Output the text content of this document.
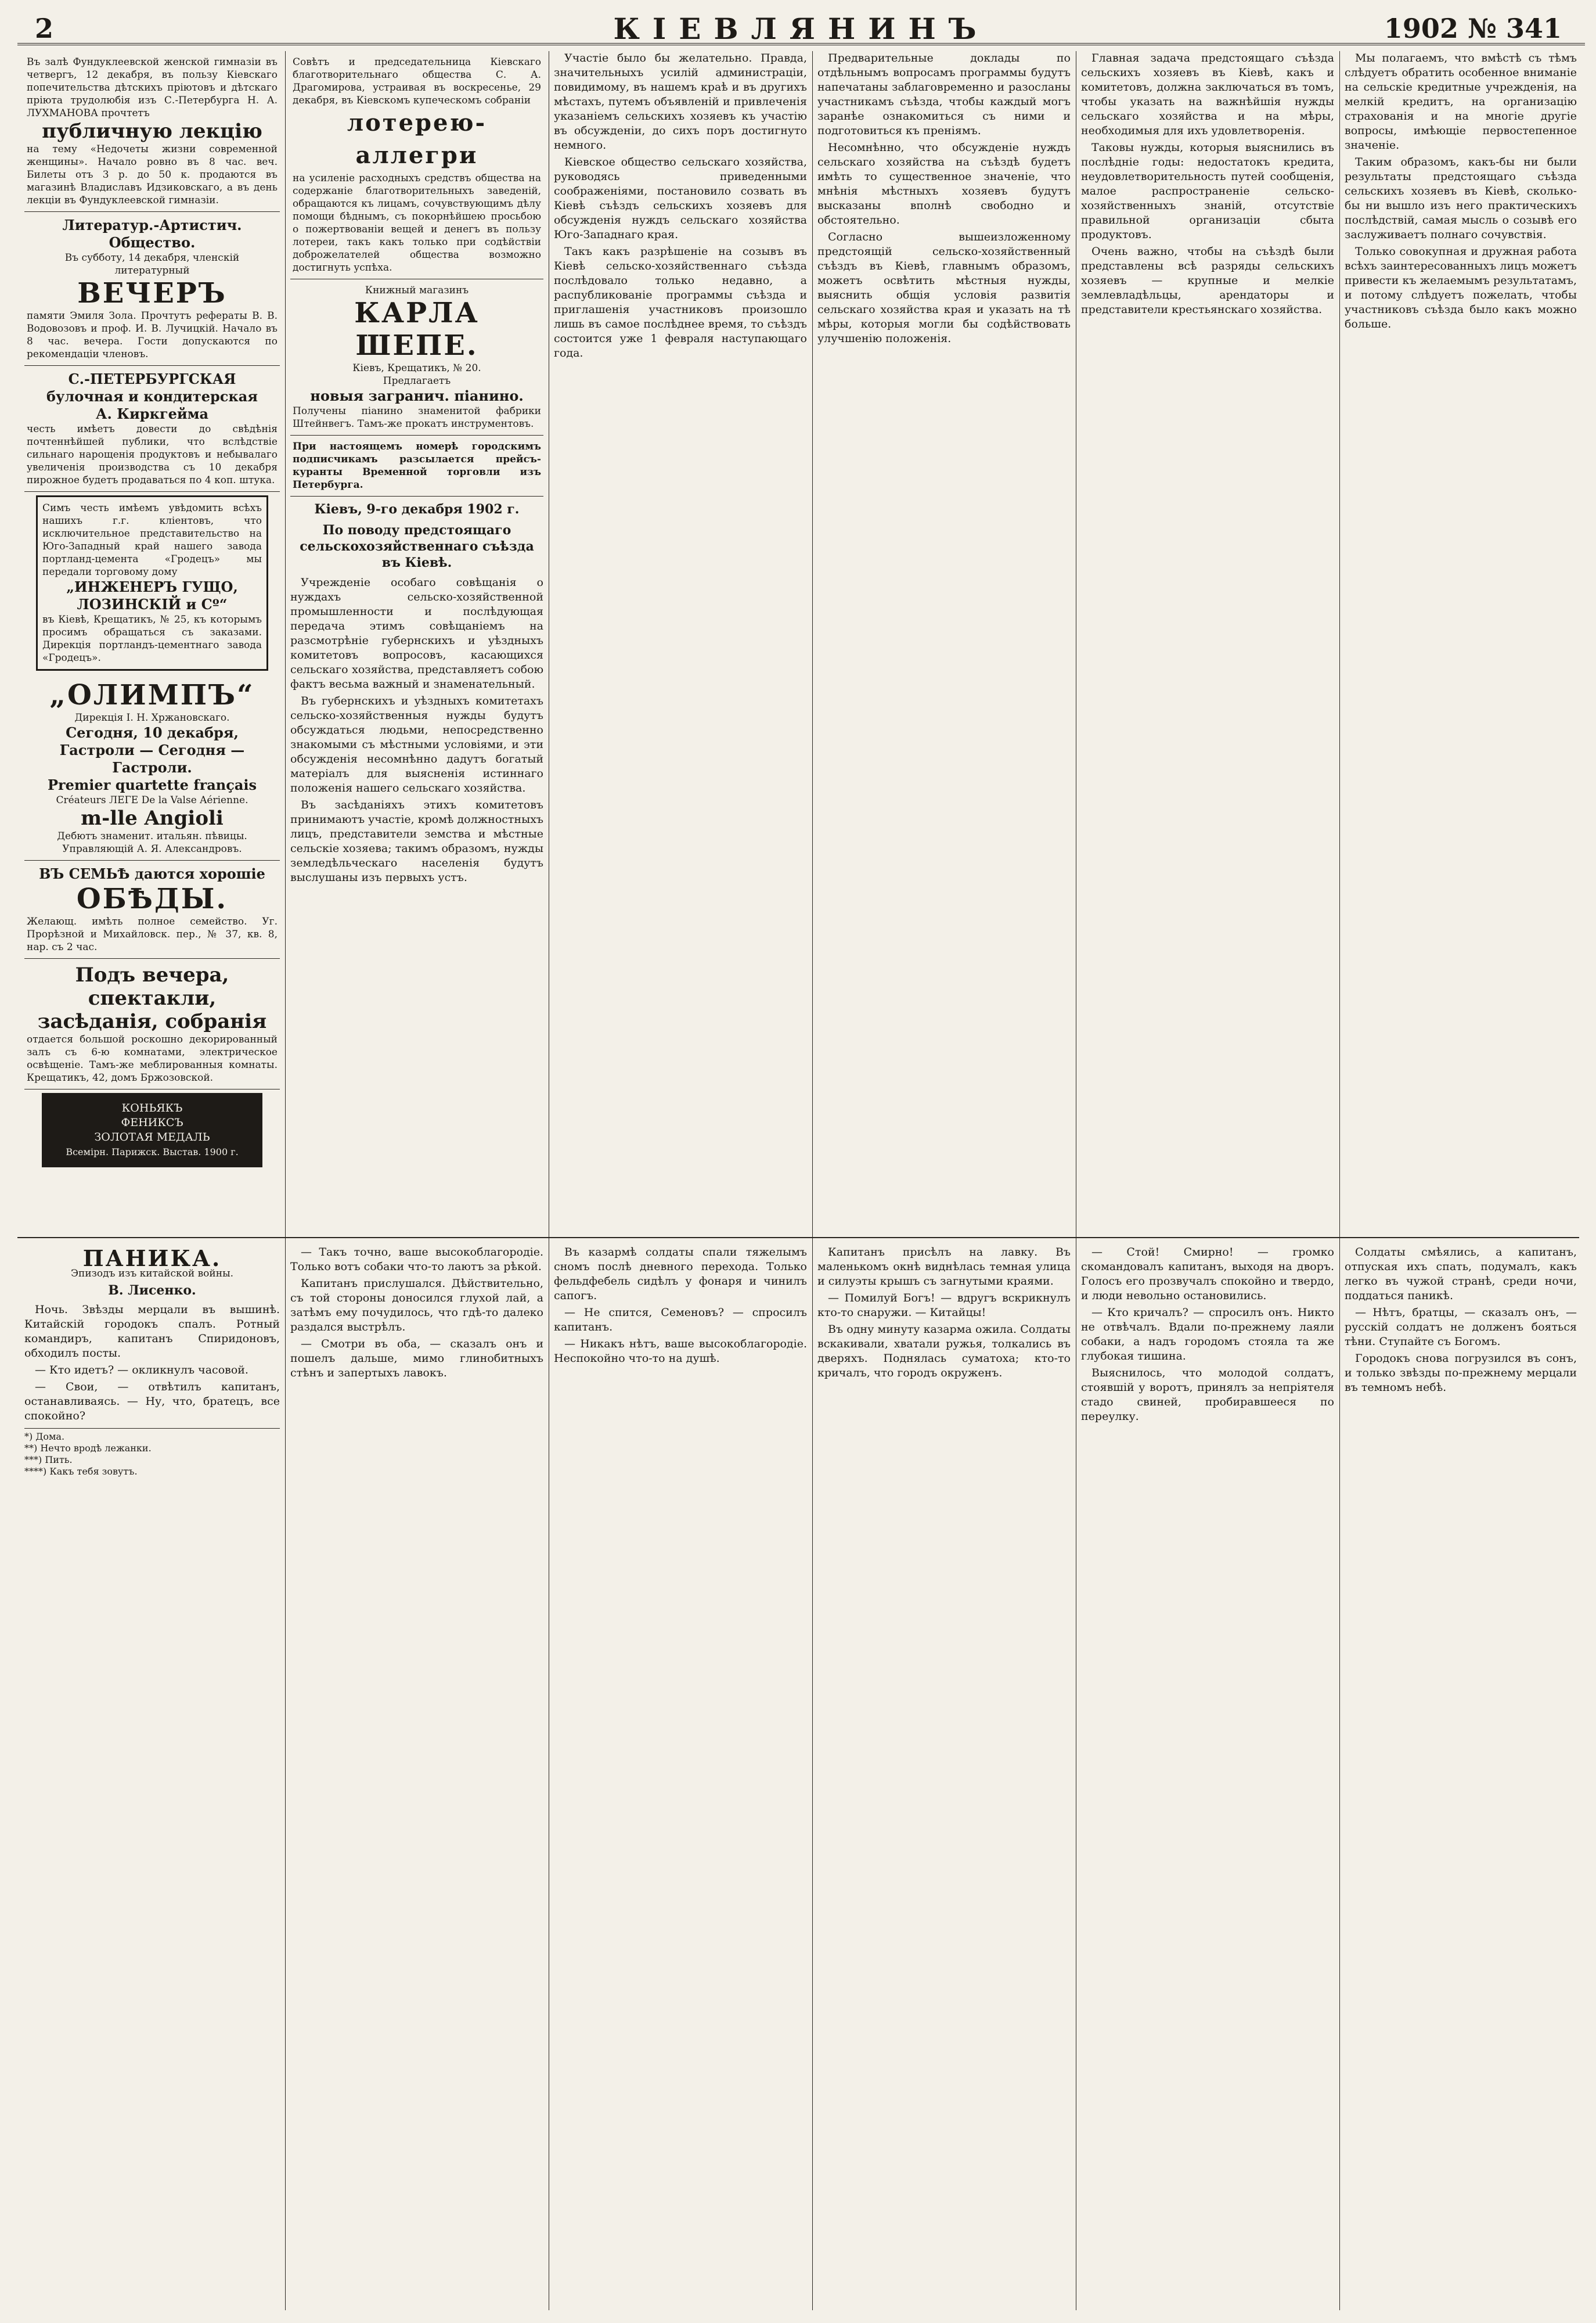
2	КІЕВЛЯНИНЪ	1902 № 341
Въ залѣ Фундуклеевской женской гимназіи въ четвергъ, 12 декабря, въ пользу Кіевскаго попечительства дѣтскихъ пріютовъ и дѣтскаго пріюта трудолюбія изъ С.-Петербурга Н. А. ЛУХМАНОВА прочтетъ
публичную лекцію
на тему «Недочеты жизни современной женщины». Начало ровно въ 8 час. веч. Билеты отъ 3 р. до 50 к. продаются въ магазинѣ Владиславъ Идзиковскаго, а въ день лекціи въ Фундуклеевской гимназіи.
Литератур.-Артистич. Общество.
Въ субботу, 14 декабря, членскій литературный
ВЕЧЕРЪ
памяти Эмиля Зола. Прочтутъ рефераты В. В. Водовозовъ и проф. И. В. Лучицкій. Начало въ 8 час. вечера. Гости допускаются по рекомендаціи членовъ.
С.-ПЕТЕРБУРГСКАЯ
булочная и кондитерская
А. Киркгейма
честь имѣетъ довести до свѣдѣнія почтеннѣйшей публики, что вслѣдствіе сильнаго нарощенія продуктовъ и небывалаго увеличенія производства съ 10 декабря пирожное будетъ продаваться по 4 коп. штука.
Симъ честь имѣемъ увѣдомить всѣхъ нашихъ г.г. кліентовъ, что исключительное представительство на Юго-Западный край нашего завода портланд-цемента «Гродецъ» мы передали торговому дому
„ИНЖЕНЕРЪ ГУЩО, ЛОЗИНСКІЙ и Сº“
въ Кіевѣ, Крещатикъ, № 25, къ которымъ просимъ обращаться съ заказами. Дирекція портландъ-цементнаго завода «Гродецъ».
„ОЛИМПЪ“
Дирекція І. Н. Хржановскаго.
Сегодня, 10 декабря, Гастроли — Сегодня — Гастроли.
Premier quartette français
Créateurs ЛЕГЕ De la Valse Aérienne.
m-lle Angioli
Дебютъ знаменит. итальян. пѣвицы. Управляющій А. Я. Александровъ.
ВЪ СЕМЬѢ даются хорошіе
ОБѢДЫ.
Желающ. имѣть полное семейство. Уг. Прорѣзной и Михайловск. пер., № 37, кв. 8, нар. съ 2 час.
Подъ вечера, спектакли, засѣданія, собранія
отдается большой роскошно декорированный залъ съ 6-ю комнатами, электрическое освѣщеніе. Тамъ-же меблированныя комнаты. Крещатикъ, 42, домъ Бржозовской.
КОНЬЯКЪ
ФЕНИКСЪ
ЗОЛОТАЯ МЕДАЛЬ
Всемірн. Парижск. Выстав. 1900 г.
Совѣтъ и председательница Кіевскаго благотворительнаго общества С. А. Драгомирова, устраивая въ воскресенье, 29 декабря, въ Кіевскомъ купеческомъ собраніи
лотерею-аллегри
на усиленіе расходныхъ средствъ общества на содержаніе благотворительныхъ заведеній, обращаются къ лицамъ, сочувствующимъ дѣлу помощи бѣднымъ, съ покорнѣйшею просьбою о пожертвованіи вещей и денегъ въ пользу лотереи, такъ какъ только при содѣйствіи доброжелателей общества возможно достигнуть успѣха.
Книжный магазинъ
КАРЛА ШЕПЕ.
Кіевъ, Крещатикъ, № 20.
Предлагаетъ
новыя загранич. піанино.
Получены піанино знаменитой фабрики Штейнвегъ. Тамъ-же прокатъ инструментовъ.
При настоящемъ номерѣ городскимъ подписчикамъ разсылается прейсъ-куранты Временной торговли изъ Петербурга.
Кіевъ, 9-го декабря 1902 г.
По поводу предстоящаго сельскохозяйственнаго съѣзда въ Кіевѣ.

Учрежденіе особаго совѣщанія о нуждахъ сельско-хозяйственной промышленности и послѣдующая передача этимъ совѣщаніемъ на разсмотрѣніе губернскихъ и уѣздныхъ комитетовъ вопросовъ, касающихся сельскаго хозяйства, представляетъ собою фактъ весьма важный и знаменательный.

Въ губернскихъ и уѣздныхъ комитетахъ сельско-хозяйственныя нужды будутъ обсуждаться людьми, непосредственно знакомыми съ мѣстными условіями, и эти обсужденія несомнѣнно дадутъ богатый матеріалъ для выясненія истиннаго положенія нашего сельскаго хозяйства.

Въ засѣданіяхъ этихъ комитетовъ принимаютъ участіе, кромѣ должностныхъ лицъ, представители земства и мѣстные сельскіе хозяева; такимъ образомъ, нужды земледѣльческаго населенія будутъ выслушаны изъ первыхъ устъ.

Участіе было бы желательно. Правда, значительныхъ усилій администраціи, повидимому, въ нашемъ краѣ и въ другихъ мѣстахъ, путемъ объявленій и привлеченія указаніемъ сельскихъ хозяевъ къ участію въ обсужденіи, до сихъ поръ достигнуто немного.

Кіевское общество сельскаго хозяйства, руководясь приведенными соображеніями, постановило созвать въ Кіевѣ съѣздъ сельскихъ хозяевъ для обсужденія нуждъ сельскаго хозяйства Юго-Западнаго края.

Такъ какъ разрѣшеніе на созывъ въ Кіевѣ сельско-хозяйственнаго съѣзда послѣдовало только недавно, а распубликованіе программы съѣзда и приглашенія участниковъ произошло лишь въ самое послѣднее время, то съѣздъ состоится уже 1 февраля наступающаго года.

Предварительные доклады по отдѣльнымъ вопросамъ программы будутъ напечатаны заблаговременно и разосланы участникамъ съѣзда, чтобы каждый могъ заранѣе ознакомиться съ ними и подготовиться къ преніямъ.

Несомнѣнно, что обсужденіе нуждъ сельскаго хозяйства на съѣздѣ будетъ имѣть то существенное значеніе, что мнѣнія мѣстныхъ хозяевъ будутъ высказаны вполнѣ свободно и обстоятельно.

Согласно вышеизложенному предстоящій сельско-хозяйственный съѣздъ въ Кіевѣ, главнымъ образомъ, можетъ освѣтить мѣстныя нужды, выяснить общія условія развитія сельскаго хозяйства края и указать на тѣ мѣры, которыя могли бы содѣйствовать улучшенію положенія.

Главная задача предстоящаго съѣзда сельскихъ хозяевъ въ Кіевѣ, какъ и комитетовъ, должна заключаться въ томъ, чтобы указать на важнѣйшія нужды сельскаго хозяйства и на мѣры, необходимыя для ихъ удовлетворенія.

Таковы нужды, которыя выяснились въ послѣдніе годы: недостатокъ кредита, неудовлетворительность путей сообщенія, малое распространеніе сельско-хозяйственныхъ знаній, отсутствіе правильной организаціи сбыта продуктовъ.

Очень важно, чтобы на съѣздѣ были представлены всѣ разряды сельскихъ хозяевъ — крупные и мелкіе землевладѣльцы, арендаторы и представители крестьянскаго хозяйства.

Мы полагаемъ, что вмѣстѣ съ тѣмъ слѣдуетъ обратить особенное вниманіе на сельскіе кредитные учрежденія, на мелкій кредитъ, на организацію страхованія и на многіе другіе вопросы, имѣющіе первостепенное значеніе.

Таким образомъ, какъ-бы ни были результаты предстоящаго съѣзда сельскихъ хозяевъ въ Кіевѣ, сколько-бы ни вышло изъ него практическихъ послѣдствій, самая мысль о созывѣ его заслуживаетъ полнаго сочувствія.

Только совокупная и дружная работа всѣхъ заинтересованныхъ лицъ можетъ привести къ желаемымъ результатамъ, и потому слѣдуетъ пожелать, чтобы участниковъ съѣзда было какъ можно больше.

ПАНИКА.
Эпизодъ изъ китайской войны.
В. Лисенко.

Ночь. Звѣзды мерцали въ вышинѣ. Китайскій городокъ спалъ. Ротный командиръ, капитанъ Спиридоновъ, обходилъ посты.

— Кто идетъ? — окликнулъ часовой.

— Свои, — отвѣтилъ капитанъ, останавливаясь. — Ну, что, братецъ, все спокойно?

*) Дома.
**) Нечто вродѣ лежанки.
***) Пить.
****) Какъ тебя зовутъ.

— Такъ точно, ваше высокоблагородіе. Только вотъ собаки что-то лаютъ за рѣкой.

Капитанъ прислушался. Дѣйствительно, съ той стороны доносился глухой лай, а затѣмъ ему почудилось, что гдѣ-то далеко раздался выстрѣлъ.

— Смотри въ оба, — сказалъ онъ и пошелъ дальше, мимо глинобитныхъ стѣнъ и запертыхъ лавокъ.

Въ казармѣ солдаты спали тяжелымъ сномъ послѣ дневного перехода. Только фельдфебель сидѣлъ у фонаря и чинилъ сапогъ.

— Не спится, Семеновъ? — спросилъ капитанъ.

— Никакъ нѣтъ, ваше высокоблагородіе. Неспокойно что-то на душѣ.

Капитанъ присѣлъ на лавку. Въ маленькомъ окнѣ виднѣлась темная улица и силуэты крышъ съ загнутыми краями.

— Помилуй Богъ! — вдругъ вскрикнулъ кто-то снаружи. — Китайцы!

Въ одну минуту казарма ожила. Солдаты вскакивали, хватали ружья, толкались въ дверяхъ. Поднялась суматоха; кто-то кричалъ, что городъ окруженъ.

— Стой! Смирно! — громко скомандовалъ капитанъ, выходя на дворъ. Голосъ его прозвучалъ спокойно и твердо, и люди невольно остановились.

— Кто кричалъ? — спросилъ онъ. Никто не отвѣчалъ. Вдали по-прежнему лаяли собаки, а надъ городомъ стояла та же глубокая тишина.

Выяснилось, что молодой солдатъ, стоявшій у воротъ, принялъ за непріятеля стадо свиней, пробиравшееся по переулку.

Солдаты смѣялись, а капитанъ, отпуская ихъ спать, подумалъ, какъ легко въ чужой странѣ, среди ночи, поддаться паникѣ.

— Нѣтъ, братцы, — сказалъ онъ, — русскій солдатъ не долженъ бояться тѣни. Ступайте съ Богомъ.

Городокъ снова погрузился въ сонъ, и только звѣзды по-прежнему мерцали въ темномъ небѣ.
